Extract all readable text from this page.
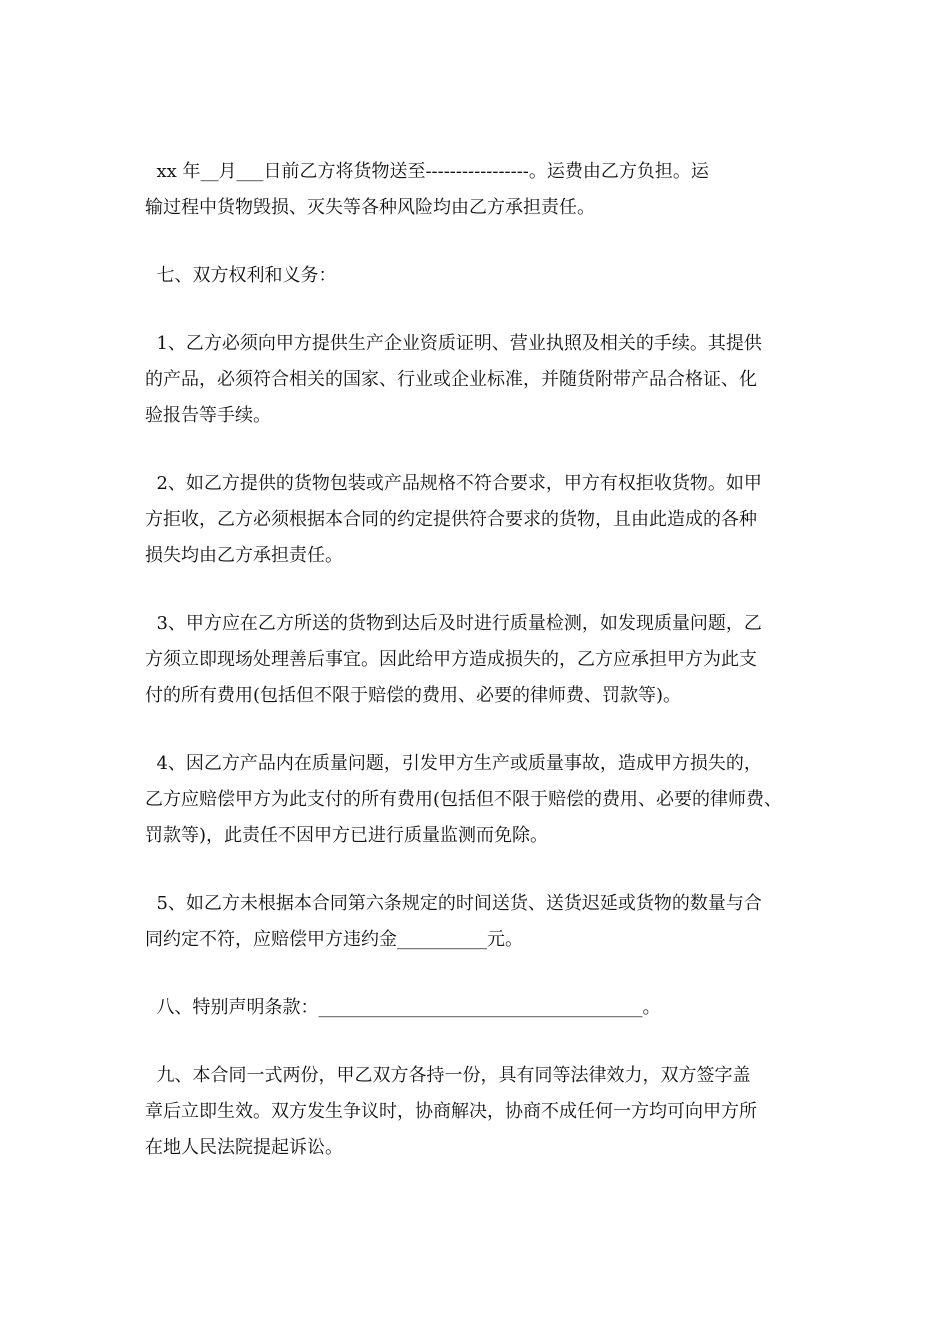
xx 年__月___日前乙方将货物送至-----------------。运费由乙方负担。运
输过程中货物毁损、灭失等各种风险均由乙方承担责任。

七、双方权利和义务：

1、乙方必须向甲方提供生产企业资质证明、营业执照及相关的手续。其提供
的产品，必须符合相关的国家、行业或企业标准，并随货附带产品合格证、化
验报告等手续。

2、如乙方提供的货物包装或产品规格不符合要求，甲方有权拒收货物。如甲
方拒收，乙方必须根据本合同的约定提供符合要求的货物，且由此造成的各种
损失均由乙方承担责任。

3、甲方应在乙方所送的货物到达后及时进行质量检测，如发现质量问题，乙
方须立即现场处理善后事宜。因此给甲方造成损失的，乙方应承担甲方为此支
付的所有费用(包括但不限于赔偿的费用、必要的律师费、罚款等)。

4、因乙方产品内在质量问题，引发甲方生产或质量事故，造成甲方损失的，
乙方应赔偿甲方为此支付的所有费用(包括但不限于赔偿的费用、必要的律师费、
罚款等)，此责任不因甲方已进行质量监测而免除。

5、如乙方未根据本合同第六条规定的时间送货、送货迟延或货物的数量与合
同约定不符，应赔偿甲方违约金__________元。

八、特别声明条款：____________________________________。

九、本合同一式两份，甲乙双方各持一份，具有同等法律效力，双方签字盖
章后立即生效。双方发生争议时，协商解决，协商不成任何一方均可向甲方所
在地人民法院提起诉讼。
